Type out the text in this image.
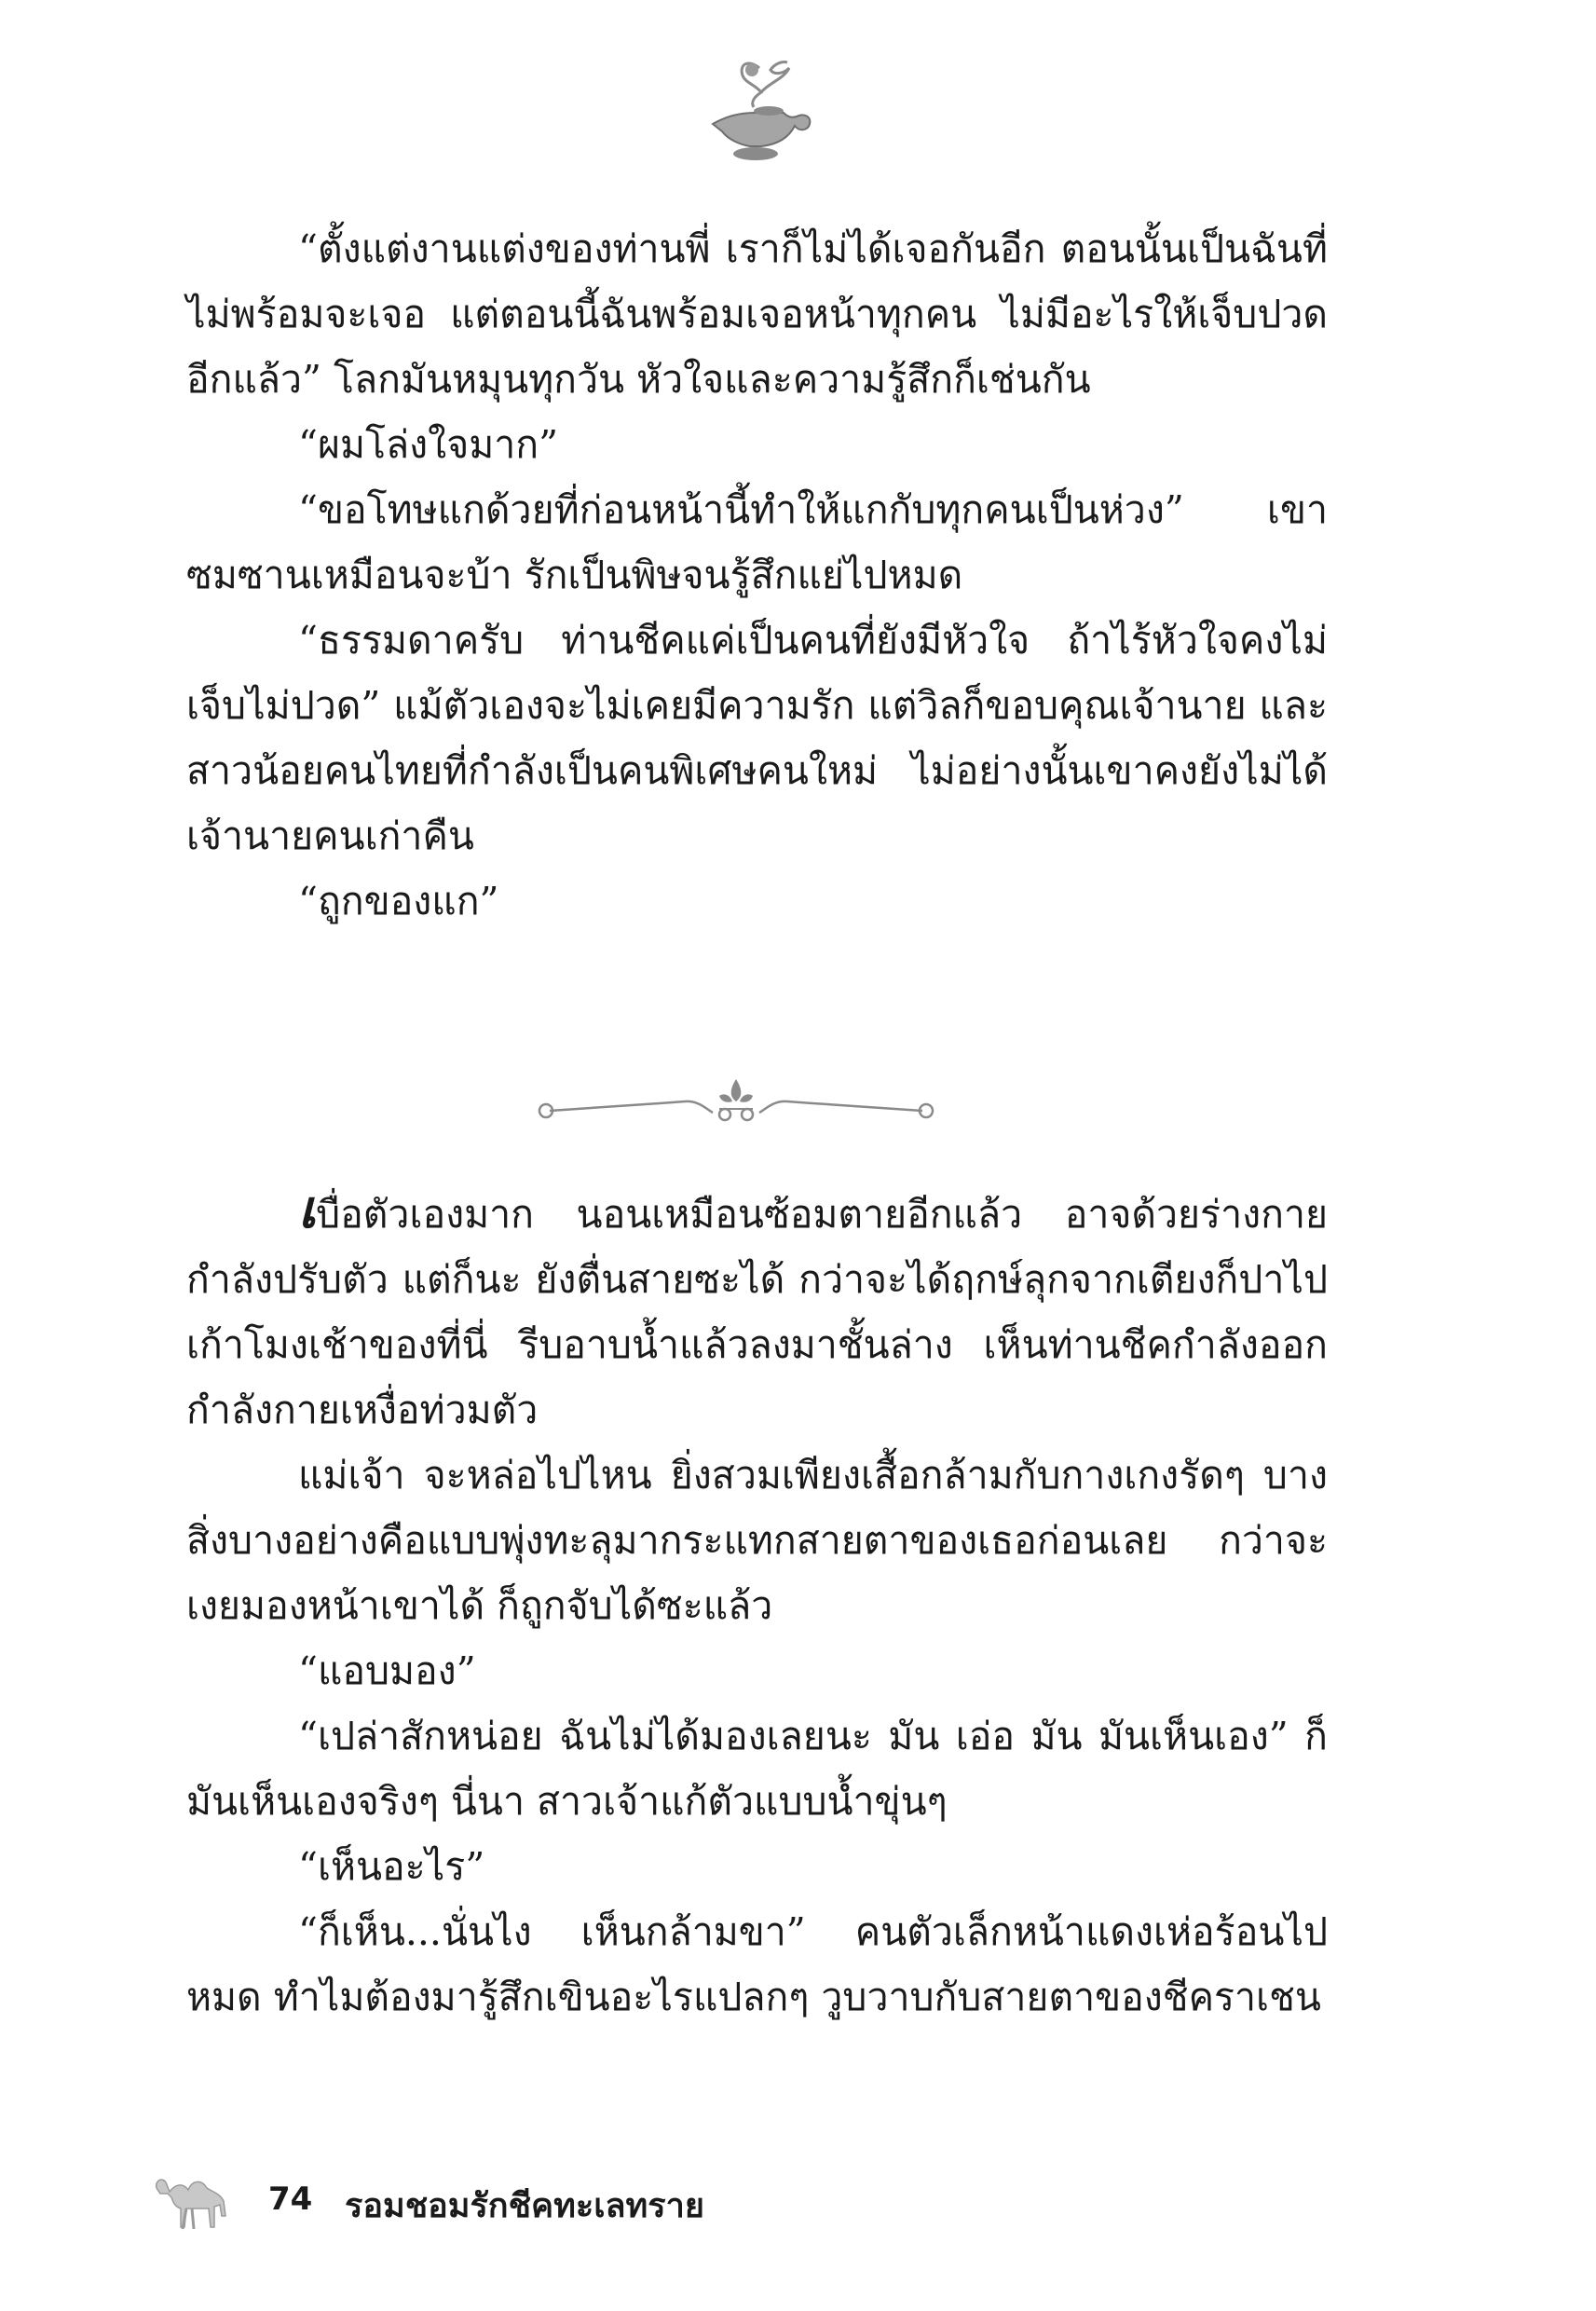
“ตั้งแต่งานแต่งของท่านพี่ เราก็ไม่ได้เจอกันอีก ตอนนั้นเป็นฉันที่ไม่พร้อมจะเจอ แต่ตอนนี้ฉันพร้อมเจอหน้าทุกคน ไม่มีอะไรให้เจ็บปวดอีกแล้ว” โลกมันหมุนทุกวัน หัวใจและความรู้สึกก็เช่นกัน

“ผมโล่งใจมาก”

“ขอโทษแกด้วยที่ก่อนหน้านี้ทำให้แกกับทุกคนเป็นห่วง” เขาซมซานเหมือนจะบ้า รักเป็นพิษจนรู้สึกแย่ไปหมด

“ธรรมดาครับ ท่านชีคแค่เป็นคนที่ยังมีหัวใจ ถ้าไร้หัวใจคงไม่เจ็บไม่ปวด” แม้ตัวเองจะไม่เคยมีความรัก แต่วิลก็ขอบคุณเจ้านาย และสาวน้อยคนไทยที่กำลังเป็นคนพิเศษคนใหม่ ไม่อย่างนั้นเขาคงยังไม่ได้เจ้านายคนเก่าคืน

“ถูกของแก”

เบื่อตัวเองมาก นอนเหมือนซ้อมตายอีกแล้ว อาจด้วยร่างกายกำลังปรับตัว แต่ก็นะ ยังตื่นสายซะได้ กว่าจะได้ฤกษ์ลุกจากเตียงก็ปาไปเก้าโมงเช้าของที่นี่ รีบอาบน้ำแล้วลงมาชั้นล่าง เห็นท่านชีคกำลังออกกำลังกายเหงื่อท่วมตัว

แม่เจ้า จะหล่อไปไหน ยิ่งสวมเพียงเสื้อกล้ามกับกางเกงรัดๆ บางสิ่งบางอย่างคือแบบพุ่งทะลุมากระแทกสายตาของเธอก่อนเลย กว่าจะเงยมองหน้าเขาได้ ก็ถูกจับได้ซะแล้ว

“แอบมอง”

“เปล่าสักหน่อย ฉันไม่ได้มองเลยนะ มัน เอ่อ มัน มันเห็นเอง” ก็มันเห็นเองจริงๆ นี่นา สาวเจ้าแก้ตัวแบบน้ำขุ่นๆ

“เห็นอะไร”

“ก็เห็น...นั่นไง เห็นกล้ามขา” คนตัวเล็กหน้าแดงเห่อร้อนไปหมด ทำไมต้องมารู้สึกเขินอะไรแปลกๆ วูบวาบกับสายตาของชีคราเชน

74 รอมชอมรักชีคทะเลทราย
